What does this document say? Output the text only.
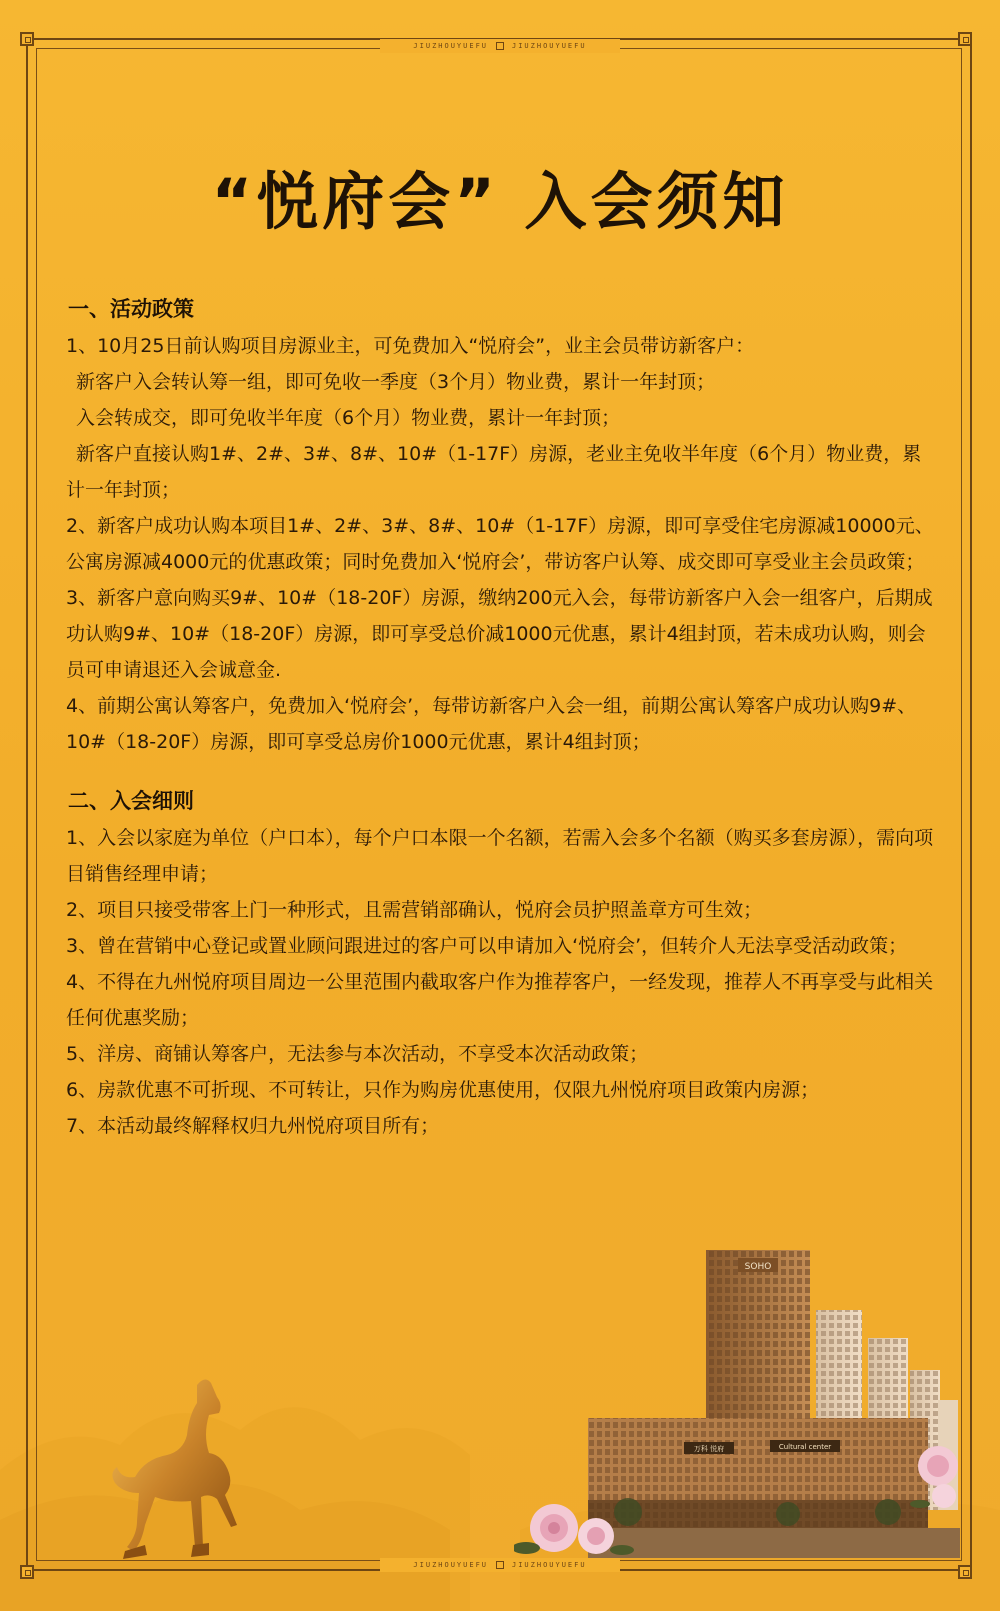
JIUZHOUYUEFU	JIUZHOUYUEFU
“悦府会” 入会须知
一、活动政策

1、10月25日前认购项目房源业主，可免费加入“悦府会”，业主会员带访新客户：

新客户入会转认筹一组，即可免收一季度（3个月）物业费，累计一年封顶；

入会转成交，即可免收半年度（6个月）物业费，累计一年封顶；

新客户直接认购1#、2#、3#、8#、10#（1-17F）房源，老业主免收半年度（6个月）物业费，累计一年封顶；

2、新客户成功认购本项目1#、2#、3#、8#、10#（1-17F）房源，即可享受住宅房源减10000元、公寓房源减4000元的优惠政策；同时免费加入‘悦府会’，带访客户认筹、成交即可享受业主会员政策；

3、新客户意向购买9#、10#（18-20F）房源，缴纳200元入会，每带访新客户入会一组客户，后期成功认购9#、10#（18-20F）房源，即可享受总价减1000元优惠，累计4组封顶，若未成功认购，则会员可申请退还入会诚意金.

4、前期公寓认筹客户，免费加入‘悦府会’，每带访新客户入会一组，前期公寓认筹客户成功认购9#、10#（18-20F）房源，即可享受总房价1000元优惠，累计4组封顶；

二、入会细则

1、入会以家庭为单位（户口本），每个户口本限一个名额，若需入会多个名额（购买多套房源），需向项目销售经理申请；

2、项目只接受带客上门一种形式，且需营销部确认，悦府会员护照盖章方可生效；

3、曾在营销中心登记或置业顾问跟进过的客户可以申请加入‘悦府会’，但转介人无法享受活动政策；

4、不得在九州悦府项目周边一公里范围内截取客户作为推荐客户，一经发现，推荐人不再享受与此相关任何优惠奖励；

5、洋房、商铺认筹客户，无法参与本次活动，不享受本次活动政策；

6、房款优惠不可折现、不可转让，只作为购房优惠使用，仅限九州悦府项目政策内房源；

7、本活动最终解释权归九州悦府项目所有；

SOHO
万科 悦府	Cultural center
JIUZHOUYUEFU	JIUZHOUYUEFU
